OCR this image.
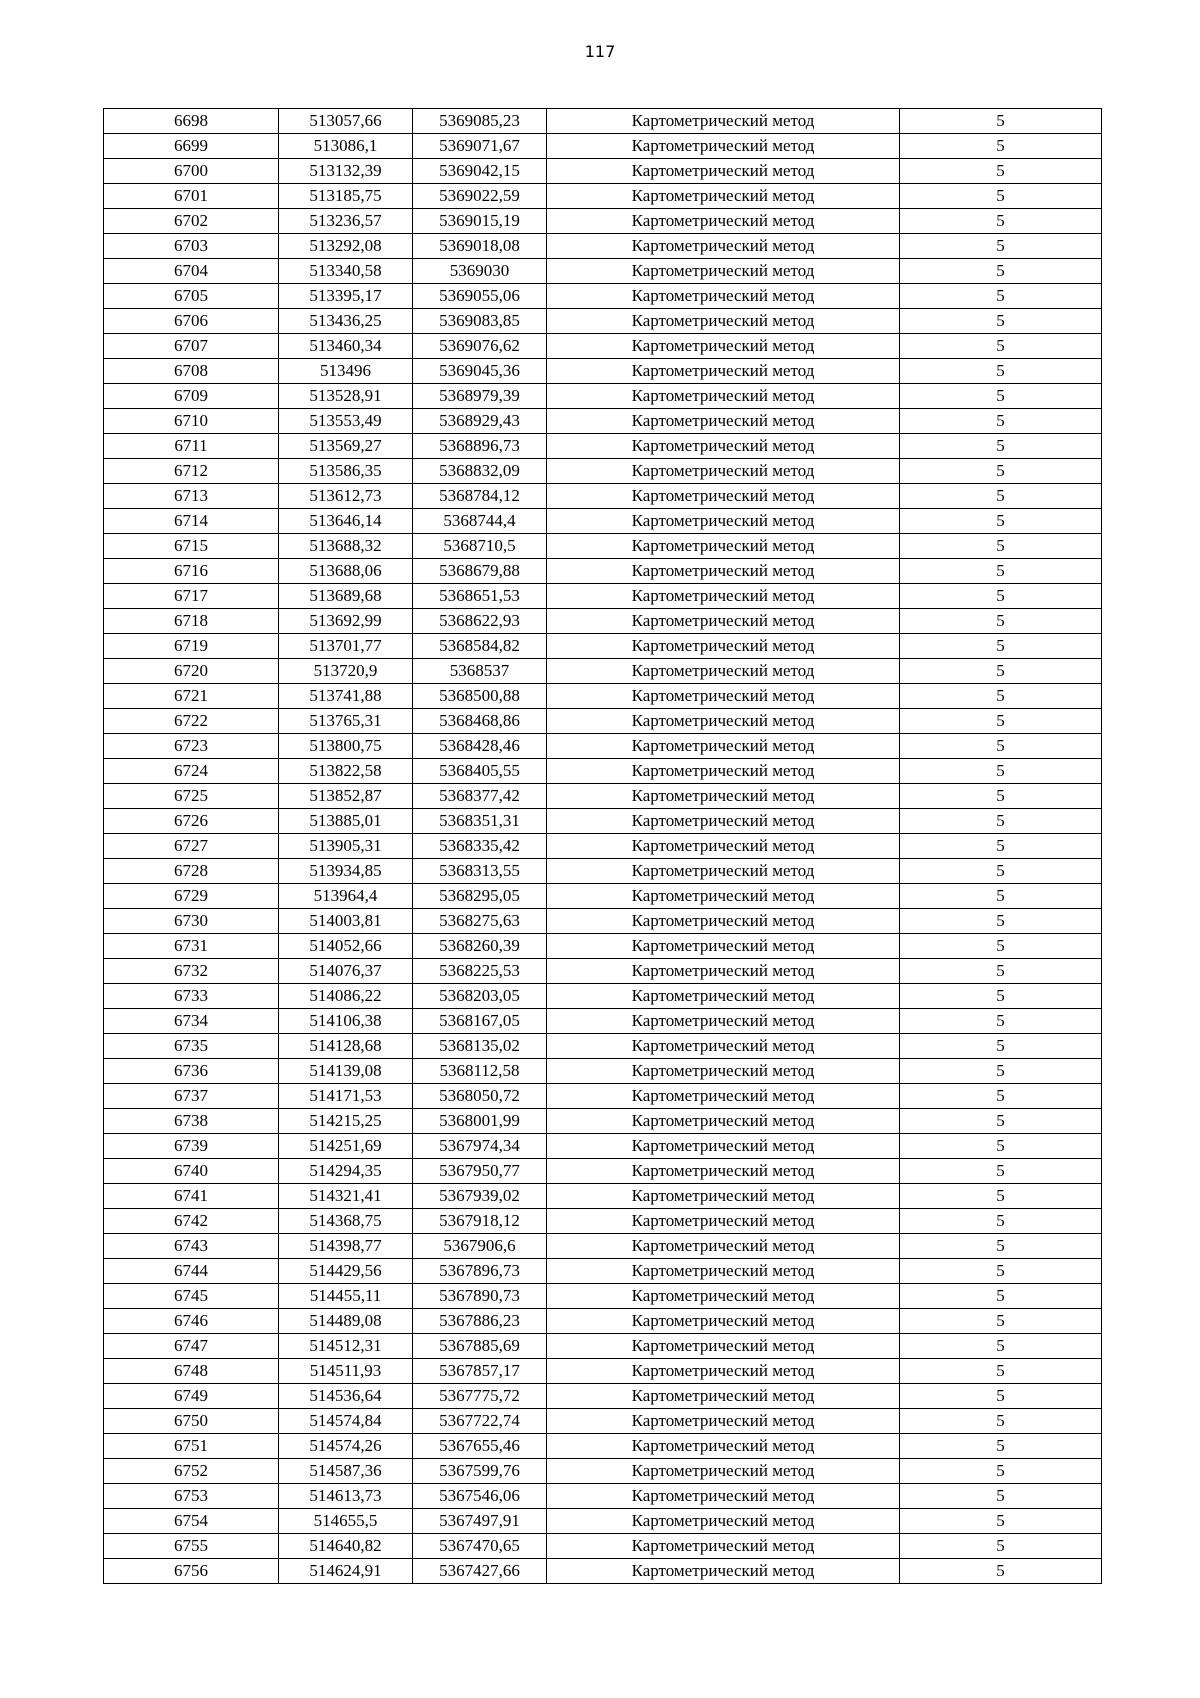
117
6698	513057,66	5369085,23	Картометрический метод	5
6699	513086,1	5369071,67	Картометрический метод	5
6700	513132,39	5369042,15	Картометрический метод	5
6701	513185,75	5369022,59	Картометрический метод	5
6702	513236,57	5369015,19	Картометрический метод	5
6703	513292,08	5369018,08	Картометрический метод	5
6704	513340,58	5369030	Картометрический метод	5
6705	513395,17	5369055,06	Картометрический метод	5
6706	513436,25	5369083,85	Картометрический метод	5
6707	513460,34	5369076,62	Картометрический метод	5
6708	513496	5369045,36	Картометрический метод	5
6709	513528,91	5368979,39	Картометрический метод	5
6710	513553,49	5368929,43	Картометрический метод	5
6711	513569,27	5368896,73	Картометрический метод	5
6712	513586,35	5368832,09	Картометрический метод	5
6713	513612,73	5368784,12	Картометрический метод	5
6714	513646,14	5368744,4	Картометрический метод	5
6715	513688,32	5368710,5	Картометрический метод	5
6716	513688,06	5368679,88	Картометрический метод	5
6717	513689,68	5368651,53	Картометрический метод	5
6718	513692,99	5368622,93	Картометрический метод	5
6719	513701,77	5368584,82	Картометрический метод	5
6720	513720,9	5368537	Картометрический метод	5
6721	513741,88	5368500,88	Картометрический метод	5
6722	513765,31	5368468,86	Картометрический метод	5
6723	513800,75	5368428,46	Картометрический метод	5
6724	513822,58	5368405,55	Картометрический метод	5
6725	513852,87	5368377,42	Картометрический метод	5
6726	513885,01	5368351,31	Картометрический метод	5
6727	513905,31	5368335,42	Картометрический метод	5
6728	513934,85	5368313,55	Картометрический метод	5
6729	513964,4	5368295,05	Картометрический метод	5
6730	514003,81	5368275,63	Картометрический метод	5
6731	514052,66	5368260,39	Картометрический метод	5
6732	514076,37	5368225,53	Картометрический метод	5
6733	514086,22	5368203,05	Картометрический метод	5
6734	514106,38	5368167,05	Картометрический метод	5
6735	514128,68	5368135,02	Картометрический метод	5
6736	514139,08	5368112,58	Картометрический метод	5
6737	514171,53	5368050,72	Картометрический метод	5
6738	514215,25	5368001,99	Картометрический метод	5
6739	514251,69	5367974,34	Картометрический метод	5
6740	514294,35	5367950,77	Картометрический метод	5
6741	514321,41	5367939,02	Картометрический метод	5
6742	514368,75	5367918,12	Картометрический метод	5
6743	514398,77	5367906,6	Картометрический метод	5
6744	514429,56	5367896,73	Картометрический метод	5
6745	514455,11	5367890,73	Картометрический метод	5
6746	514489,08	5367886,23	Картометрический метод	5
6747	514512,31	5367885,69	Картометрический метод	5
6748	514511,93	5367857,17	Картометрический метод	5
6749	514536,64	5367775,72	Картометрический метод	5
6750	514574,84	5367722,74	Картометрический метод	5
6751	514574,26	5367655,46	Картометрический метод	5
6752	514587,36	5367599,76	Картометрический метод	5
6753	514613,73	5367546,06	Картометрический метод	5
6754	514655,5	5367497,91	Картометрический метод	5
6755	514640,82	5367470,65	Картометрический метод	5
6756	514624,91	5367427,66	Картометрический метод	5
